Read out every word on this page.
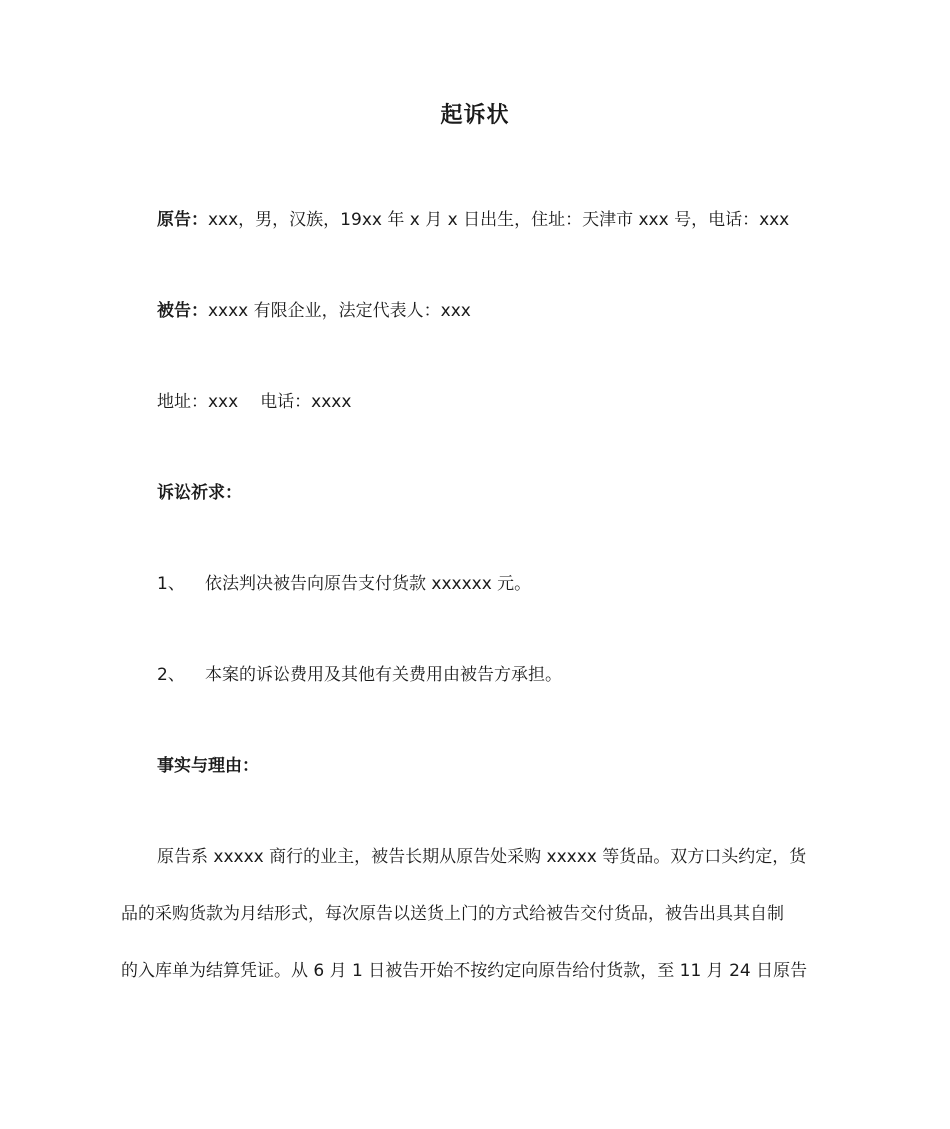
起诉状
原告：xxx，男，汉族，19xx 年 x 月 x 日出生，住址：天津市 xxx 号，电话：xxx
被告：xxxx 有限企业，法定代表人：xxx
地址：xxx 电话：xxxx
诉讼祈求：
1、 依法判决被告向原告支付货款 xxxxxx 元。
2、 本案的诉讼费用及其他有关费用由被告方承担。
事实与理由：
原告系 xxxxx 商行的业主，被告长期从原告处采购 xxxxx 等货品。双方口头约定，货
品的采购货款为月结形式，每次原告以送货上门的方式给被告交付货品，被告出具其自制
的入库单为结算凭证。从 6 月 1 日被告开始不按约定向原告给付货款，至 11 月 24 日原告
